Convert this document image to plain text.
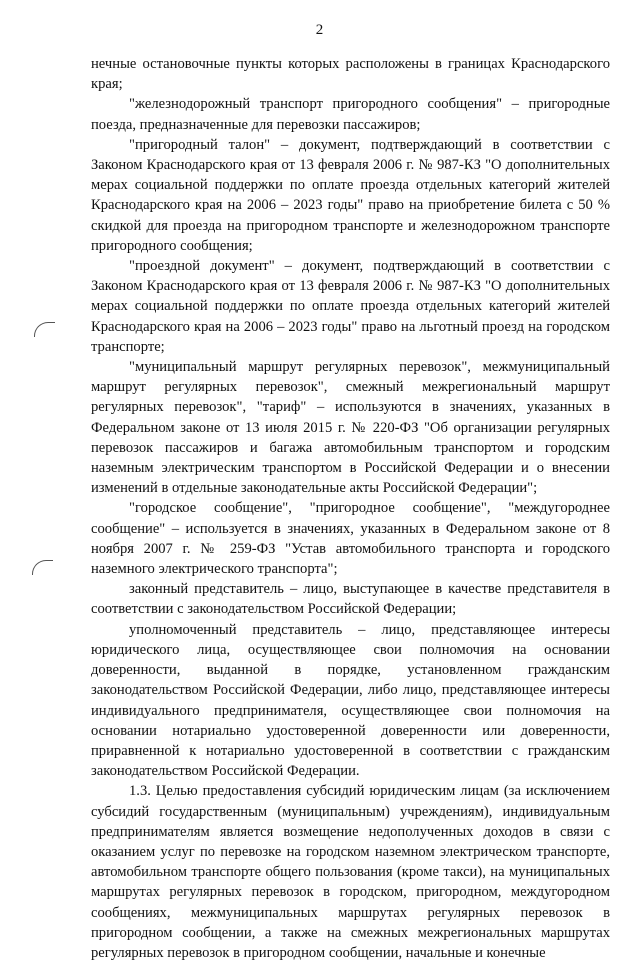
2

нечные остановочные пункты которых расположены в границах Краснодарского края;

"железнодорожный транспорт пригородного сообщения" – пригородные поезда, предназначенные для перевозки пассажиров;

"пригородный талон" – документ, подтверждающий в соответствии с Законом Краснодарского края от 13 февраля 2006 г. № 987-КЗ "О дополнительных мерах социальной поддержки по оплате проезда отдельных категорий жителей Краснодарского края на 2006 – 2023 годы" право на приобретение билета с 50 % скидкой для проезда на пригородном транспорте и железнодорожном транспорте пригородного сообщения;

"проездной документ" – документ, подтверждающий в соответствии с Законом Краснодарского края от 13 февраля 2006 г. № 987-КЗ "О дополнительных мерах социальной поддержки по оплате проезда отдельных категорий жителей Краснодарского края на 2006 – 2023 годы" право на льготный проезд на городском транспорте;

"муниципальный маршрут регулярных перевозок", межмуниципальный маршрут регулярных перевозок", смежный межрегиональный маршрут регулярных перевозок", "тариф" – используются в значениях, указанных в Федеральном законе от 13 июля 2015 г. № 220-ФЗ "Об организации регулярных перевозок пассажиров и багажа автомобильным транспортом и городским наземным электрическим транспортом в Российской Федерации и о внесении изменений в отдельные законодательные акты Российской Федерации";

"городское сообщение", "пригородное сообщение", "междугороднее сообщение" – используется в значениях, указанных в Федеральном законе от 8 ноября 2007 г. № 259-ФЗ "Устав автомобильного транспорта и городского наземного электрического транспорта";

законный представитель – лицо, выступающее в качестве представителя в соответствии с законодательством Российской Федерации;

уполномоченный представитель – лицо, представляющее интересы юридического лица, осуществляющее свои полномочия на основании доверенности, выданной в порядке, установленном гражданским законодательством Российской Федерации, либо лицо, представляющее интересы индивидуального предпринимателя, осуществляющее свои полномочия на основании нотариально удостоверенной доверенности или доверенности, приравненной к нотариально удостоверенной в соответствии с гражданским законодательством Российской Федерации.

1.3. Целью предоставления субсидий юридическим лицам (за исключением субсидий государственным (муниципальным) учреждениям), индивидуальным предпринимателям является возмещение недополученных доходов в связи с оказанием услуг по перевозке на городском наземном электрическом транспорте, автомобильном транспорте общего пользования (кроме такси), на муниципальных маршрутах регулярных перевозок в городском, пригородном, междугородном сообщениях, межмуниципальных маршрутах регулярных перевозок в пригородном сообщении, а также на смежных межрегиональных маршрутах регулярных перевозок в пригородном сообщении, начальные и конечные
